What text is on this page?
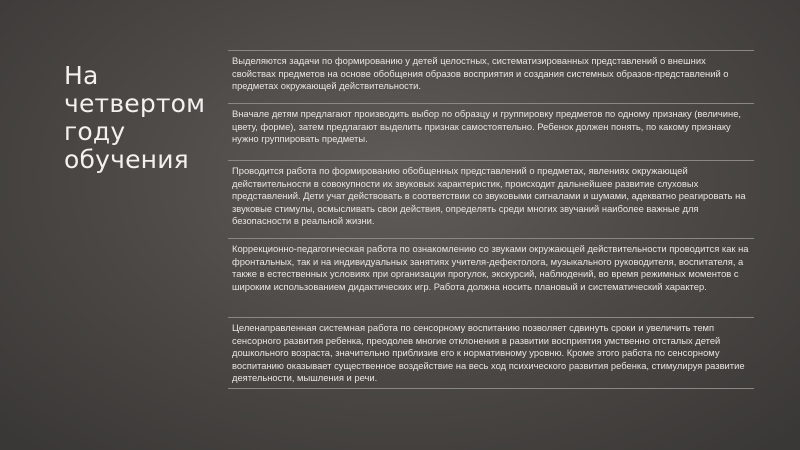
На
четвертом
году
обучения

Выделяются задачи по формированию у детей целостных, систематизированных представлений о внешних свойствах предметов на основе обобщения образов восприятия и создания системных образов-представлений о предметах окружающей действительности.

Вначале детям предлагают производить выбор по образцу и группировку предметов по одному признаку (величине, цвету, форме), затем предлагают выделить признак самостоятельно. Ребенок должен понять, по какому признаку нужно группировать предметы.

Проводится работа по формированию обобщенных представлений о предметах, явлениях окружающей действительности в совокупности их звуковых характеристик, происходит дальнейшее развитие слуховых представлений. Дети учат действовать в соответствии со звуковыми сигналами и шумами, адекватно реагировать на звуковые стимулы, осмысливать свои действия, определять среди многих звучаний наиболее важные для безопасности в реальной жизни.

Коррекционно-педагогическая работа по ознакомлению со звуками окружающей действительности проводится как на фронтальных, так и на индивидуальных занятиях учителя-дефектолога, музыкального руководителя, воспитателя, а также в естественных условиях при организации прогулок, экскурсий, наблюдений, во время режимных моментов с широким использованием дидактических игр. Работа должна носить плановый и систематический характер.

Целенаправленная системная работа по сенсорному воспитанию позволяет сдвинуть сроки и увеличить темп сенсорного развития ребенка, преодолев многие отклонения в развитии восприятия умственно отсталых детей дошкольного возраста, значительно приблизив его к нормативному уровню. Кроме этого работа по сенсорному воспитанию оказывает существенное воздействие на весь ход психического развития ребенка, стимулируя развитие деятельности, мышления и речи.
